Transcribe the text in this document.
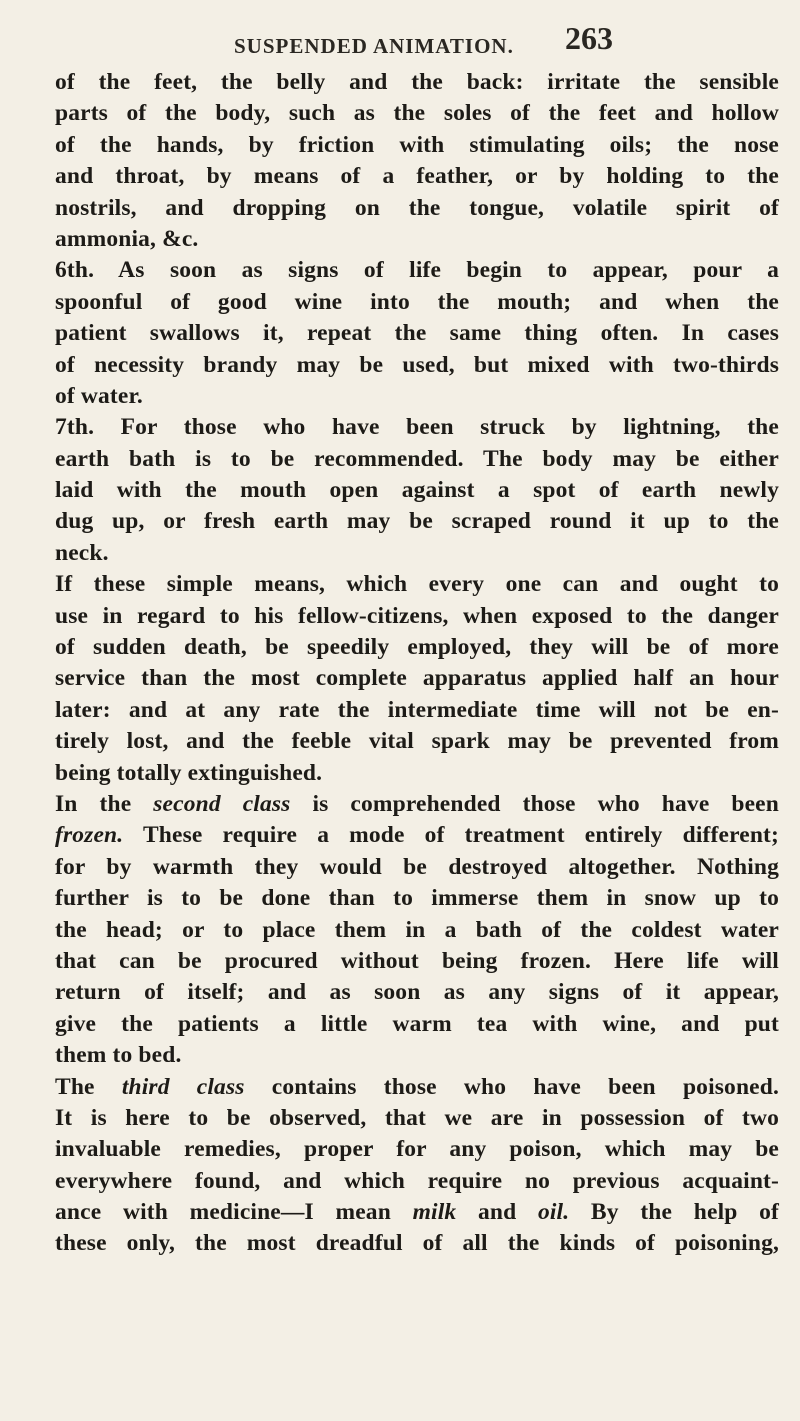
SUSPENDED ANIMATION. 263
of the feet, the belly and the back: irritate the sensible
parts of the body, such as the soles of the feet and hollow
of the hands, by friction with stimulating oils; the nose
and throat, by means of a feather, or by holding to the
nostrils, and dropping on the tongue, volatile spirit of
ammonia, &c.
6th. As soon as signs of life begin to appear, pour a
spoonful of good wine into the mouth; and when the
patient swallows it, repeat the same thing often. In cases
of necessity brandy may be used, but mixed with two-thirds
of water.
7th. For those who have been struck by lightning, the
earth bath is to be recommended. The body may be either
laid with the mouth open against a spot of earth newly
dug up, or fresh earth may be scraped round it up to the
neck.
If these simple means, which every one can and ought to
use in regard to his fellow-citizens, when exposed to the danger
of sudden death, be speedily employed, they will be of more
service than the most complete apparatus applied half an hour
later: and at any rate the intermediate time will not be en-
tirely lost, and the feeble vital spark may be prevented from
being totally extinguished.
In the second class is comprehended those who have been
frozen. These require a mode of treatment entirely different;
for by warmth they would be destroyed altogether. Nothing
further is to be done than to immerse them in snow up to
the head; or to place them in a bath of the coldest water
that can be procured without being frozen. Here life will
return of itself; and as soon as any signs of it appear,
give the patients a little warm tea with wine, and put
them to bed.
The third class contains those who have been poisoned.
It is here to be observed, that we are in possession of two
invaluable remedies, proper for any poison, which may be
everywhere found, and which require no previous acquaint-
ance with medicine—I mean milk and oil. By the help of
these only, the most dreadful of all the kinds of poisoning,
